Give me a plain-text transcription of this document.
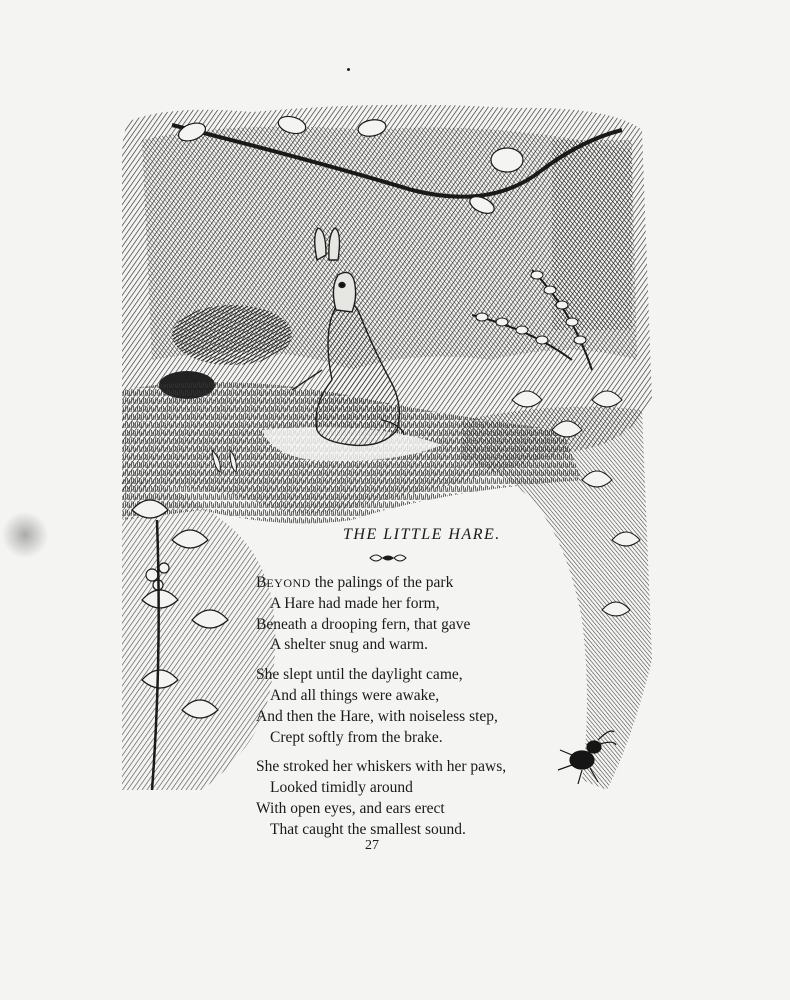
THE LITTLE HARE.
BEYOND the palings of the park
A Hare had made her form,
Beneath a drooping fern, that gave
A shelter snug and warm.
She slept until the daylight came,
And all things were awake,
And then the Hare, with noiseless step,
Crept softly from the brake.
She stroked her whiskers with her paws,
Looked timidly around
With open eyes, and ears erect
That caught the smallest sound.
27
